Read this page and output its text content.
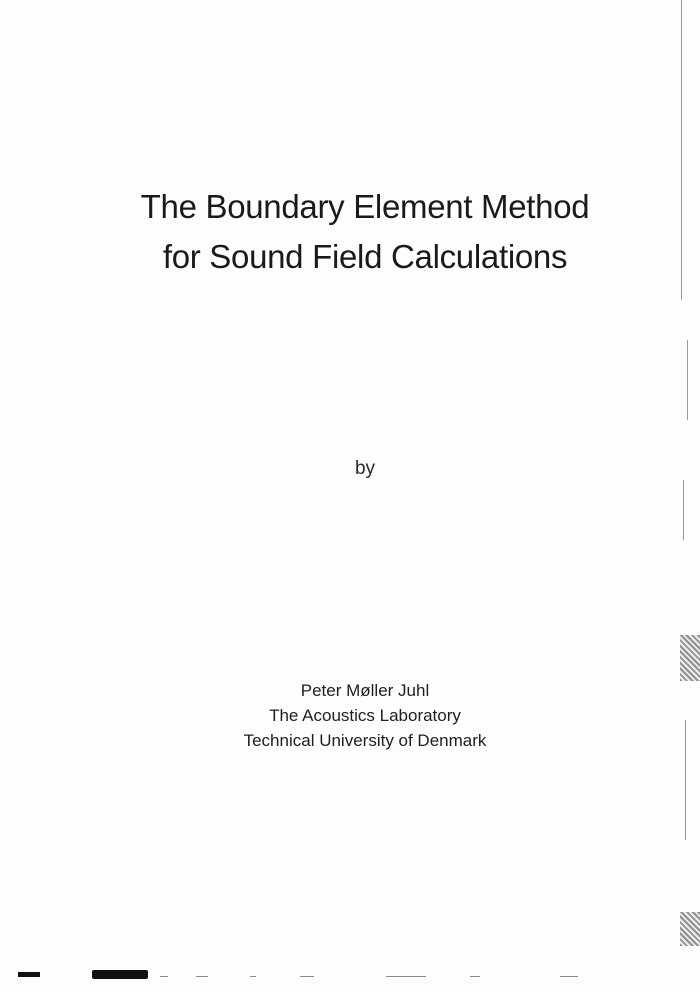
The Boundary Element Method
for Sound Field Calculations
by
Peter Møller Juhl
The Acoustics Laboratory
Technical University of Denmark
